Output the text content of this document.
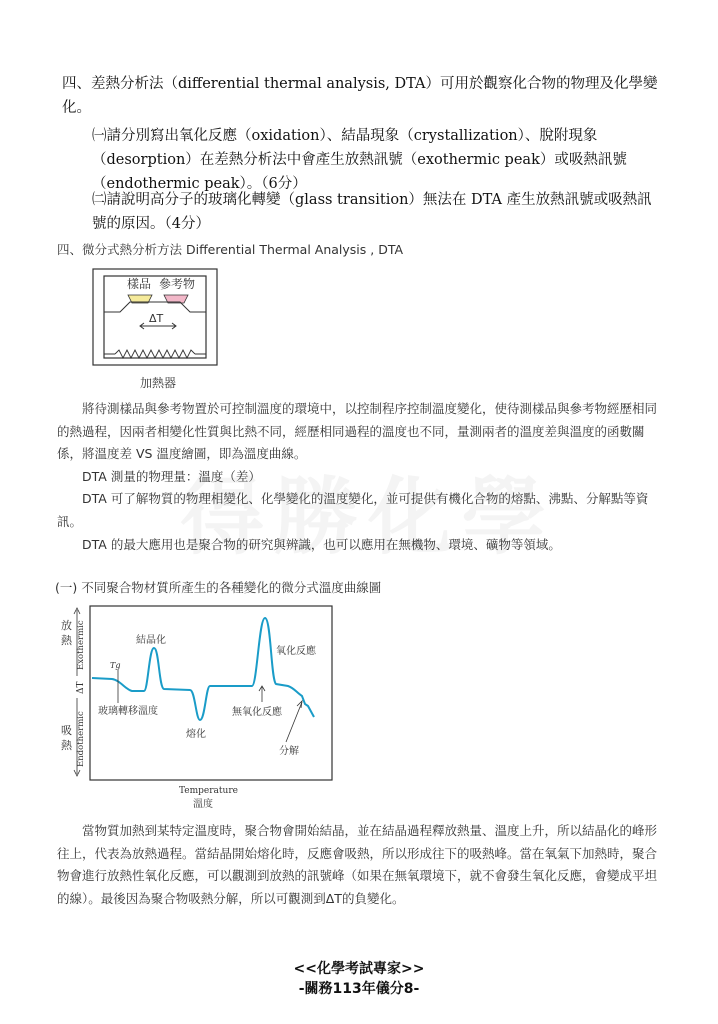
四、差熱分析法（differential thermal analysis, DTA）可用於觀察化合物的物理及化學變化。
㈠請分別寫出氧化反應（oxidation）、結晶現象（crystallization）、脫附現象（desorption）在差熱分析法中會產生放熱訊號（exothermic peak）或吸熱訊號（endothermic peak）。（6分）
㈡請說明高分子的玻璃化轉變（glass transition）無法在 DTA 產生放熱訊號或吸熱訊號的原因。（4分）
四、微分式熱分析方法 Differential Thermal Analysis , DTA
樣品 參考物
ΔT
加熱器
將待測樣品與參考物置於可控制溫度的環境中，以控制程序控制溫度變化，使待測樣品與參考物經歷相同的熱過程，因兩者相變化性質與比熱不同，經歷相同過程的溫度也不同，量測兩者的溫度差與溫度的函數關係，將溫度差 VS 溫度繪圖，即為溫度曲線。
DTA 測量的物理量：溫度（差）
DTA 可了解物質的物理相變化、化學變化的溫度變化，並可提供有機化合物的熔點、沸點、分解點等資訊。
DTA 的最大應用也是聚合物的研究與辨識，也可以應用在無機物、環境、礦物等領域。
(一) 不同聚合物材質所產生的各種變化的微分式溫度曲線圖
放
熱 Exothermic
ΔT
吸
熱 Endothermic
Tg
結晶化
氧化反應
玻璃轉移溫度
熔化
無氧化反應
分解
Temperature
溫度
當物質加熱到某特定溫度時，聚合物會開始結晶，並在結晶過程釋放熱量、溫度上升，所以結晶化的峰形往上，代表為放熱過程。當結晶開始熔化時，反應會吸熱，所以形成往下的吸熱峰。當在氧氣下加熱時，聚合物會進行放熱性氧化反應，可以觀測到放熱的訊號峰（如果在無氧環境下，就不會發生氧化反應，會變成平坦的線）。最後因為聚合物吸熱分解，所以可觀測到ΔT的負變化。
<<化學考試專家>>
-關務113年儀分8-
